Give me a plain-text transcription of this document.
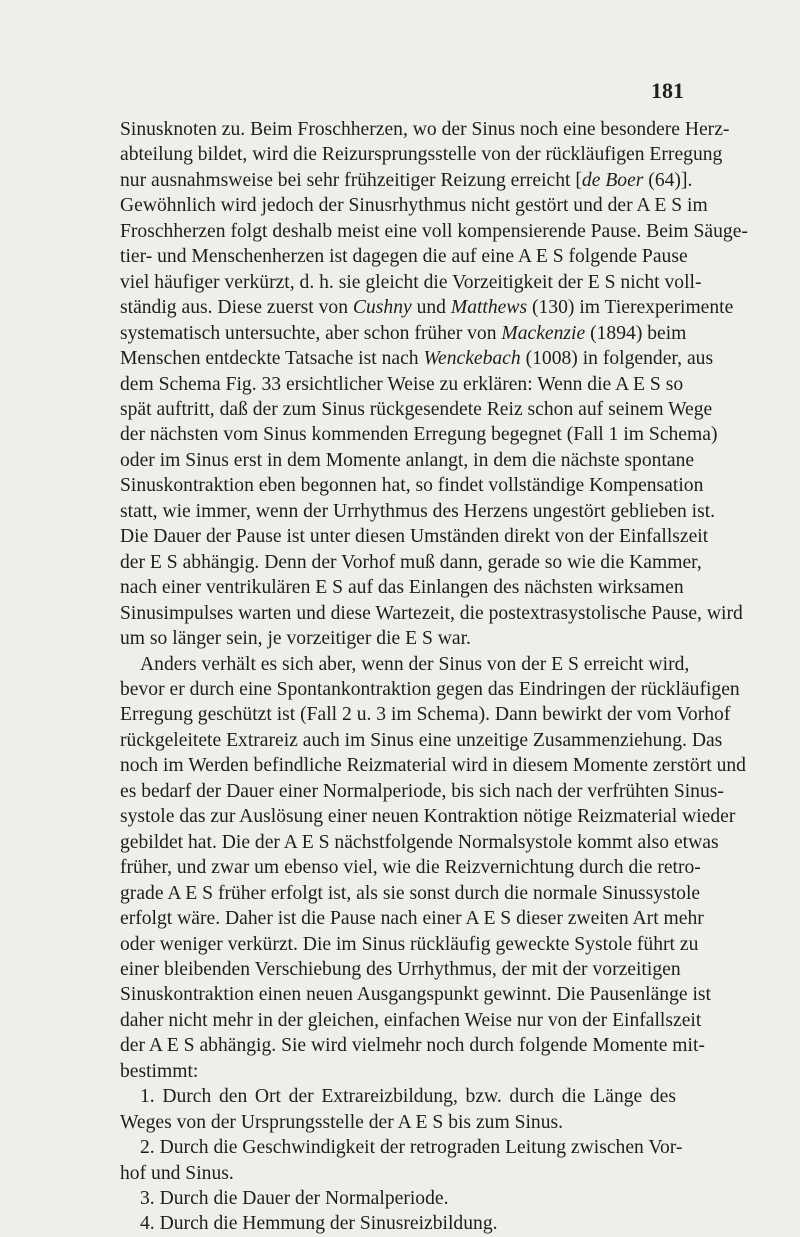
181
Sinusknoten zu. Beim Froschherzen, wo der Sinus noch eine besondere Herz-
abteilung bildet, wird die Reizursprungsstelle von der rückläufigen Erregung
nur ausnahmsweise bei sehr frühzeitiger Reizung erreicht [de Boer (64)].
Gewöhnlich wird jedoch der Sinusrhythmus nicht gestört und der A E S im
Froschherzen folgt deshalb meist eine voll kompensierende Pause. Beim Säuge-
tier- und Menschenherzen ist dagegen die auf eine A E S folgende Pause
viel häufiger verkürzt, d. h. sie gleicht die Vorzeitigkeit der E S nicht voll-
ständig aus. Diese zuerst von Cushny und Matthews (130) im Tierexperimente
systematisch untersuchte, aber schon früher von Mackenzie (1894) beim
Menschen entdeckte Tatsache ist nach Wenckebach (1008) in folgender, aus
dem Schema Fig. 33 ersichtlicher Weise zu erklären: Wenn die A E S so
spät auftritt, daß der zum Sinus rückgesendete Reiz schon auf seinem Wege
der nächsten vom Sinus kommenden Erregung begegnet (Fall 1 im Schema)
oder im Sinus erst in dem Momente anlangt, in dem die nächste spontane
Sinuskontraktion eben begonnen hat, so findet vollständige Kompensation
statt, wie immer, wenn der Urrhythmus des Herzens ungestört geblieben ist.
Die Dauer der Pause ist unter diesen Umständen direkt von der Einfallszeit
der E S abhängig. Denn der Vorhof muß dann, gerade so wie die Kammer,
nach einer ventrikulären E S auf das Einlangen des nächsten wirksamen
Sinusimpulses warten und diese Wartezeit, die postextrasystolische Pause, wird
um so länger sein, je vorzeitiger die E S war.
Anders verhält es sich aber, wenn der Sinus von der E S erreicht wird,
bevor er durch eine Spontankontraktion gegen das Eindringen der rückläufigen
Erregung geschützt ist (Fall 2 u. 3 im Schema). Dann bewirkt der vom Vorhof
rückgeleitete Extrareiz auch im Sinus eine unzeitige Zusammenziehung. Das
noch im Werden befindliche Reizmaterial wird in diesem Momente zerstört und
es bedarf der Dauer einer Normalperiode, bis sich nach der verfrühten Sinus-
systole das zur Auslösung einer neuen Kontraktion nötige Reizmaterial wieder
gebildet hat. Die der A E S nächstfolgende Normalsystole kommt also etwas
früher, und zwar um ebenso viel, wie die Reizvernichtung durch die retro-
grade A E S früher erfolgt ist, als sie sonst durch die normale Sinussystole
erfolgt wäre. Daher ist die Pause nach einer A E S dieser zweiten Art mehr
oder weniger verkürzt. Die im Sinus rückläufig geweckte Systole führt zu
einer bleibenden Verschiebung des Urrhythmus, der mit der vorzeitigen
Sinuskontraktion einen neuen Ausgangspunkt gewinnt. Die Pausenlänge ist
daher nicht mehr in der gleichen, einfachen Weise nur von der Einfallszeit
der A E S abhängig. Sie wird vielmehr noch durch folgende Momente mit-
bestimmt:
1. Durch den Ort der Extrareizbildung, bzw. durch die Länge des
Weges von der Ursprungsstelle der A E S bis zum Sinus.
2. Durch die Geschwindigkeit der retrograden Leitung zwischen Vor-
hof und Sinus.
3. Durch die Dauer der Normalperiode.
4. Durch die Hemmung der Sinusreizbildung.
